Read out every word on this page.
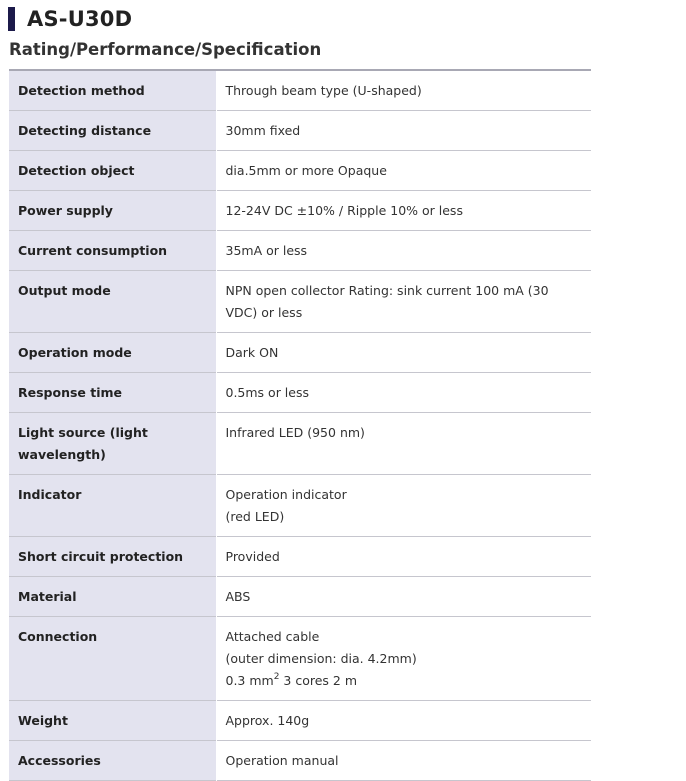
AS-U30D
Rating/Performance/Specification
Detection method	Through beam type (U-shaped)
Detecting distance	30mm fixed
Detection object	dia.5mm or more Opaque
Power supply	12-24V DC ±10% / Ripple 10% or less
Current consumption	35mA or less
Output mode	NPN open collector Rating: sink current 100 mA (30 VDC) or less
Operation mode	Dark ON
Response time	0.5ms or less
Light source (light wavelength)	Infrared LED (950 nm)
Indicator	Operation indicator
(red LED)

Short circuit protection	Provided
Material	ABS
Connection	Attached cable
(outer dimension: dia. 4.2mm)
0.3 $mm^2$ 3 cores 2 m

Weight	Approx. 140g
Accessories	Operation manual
